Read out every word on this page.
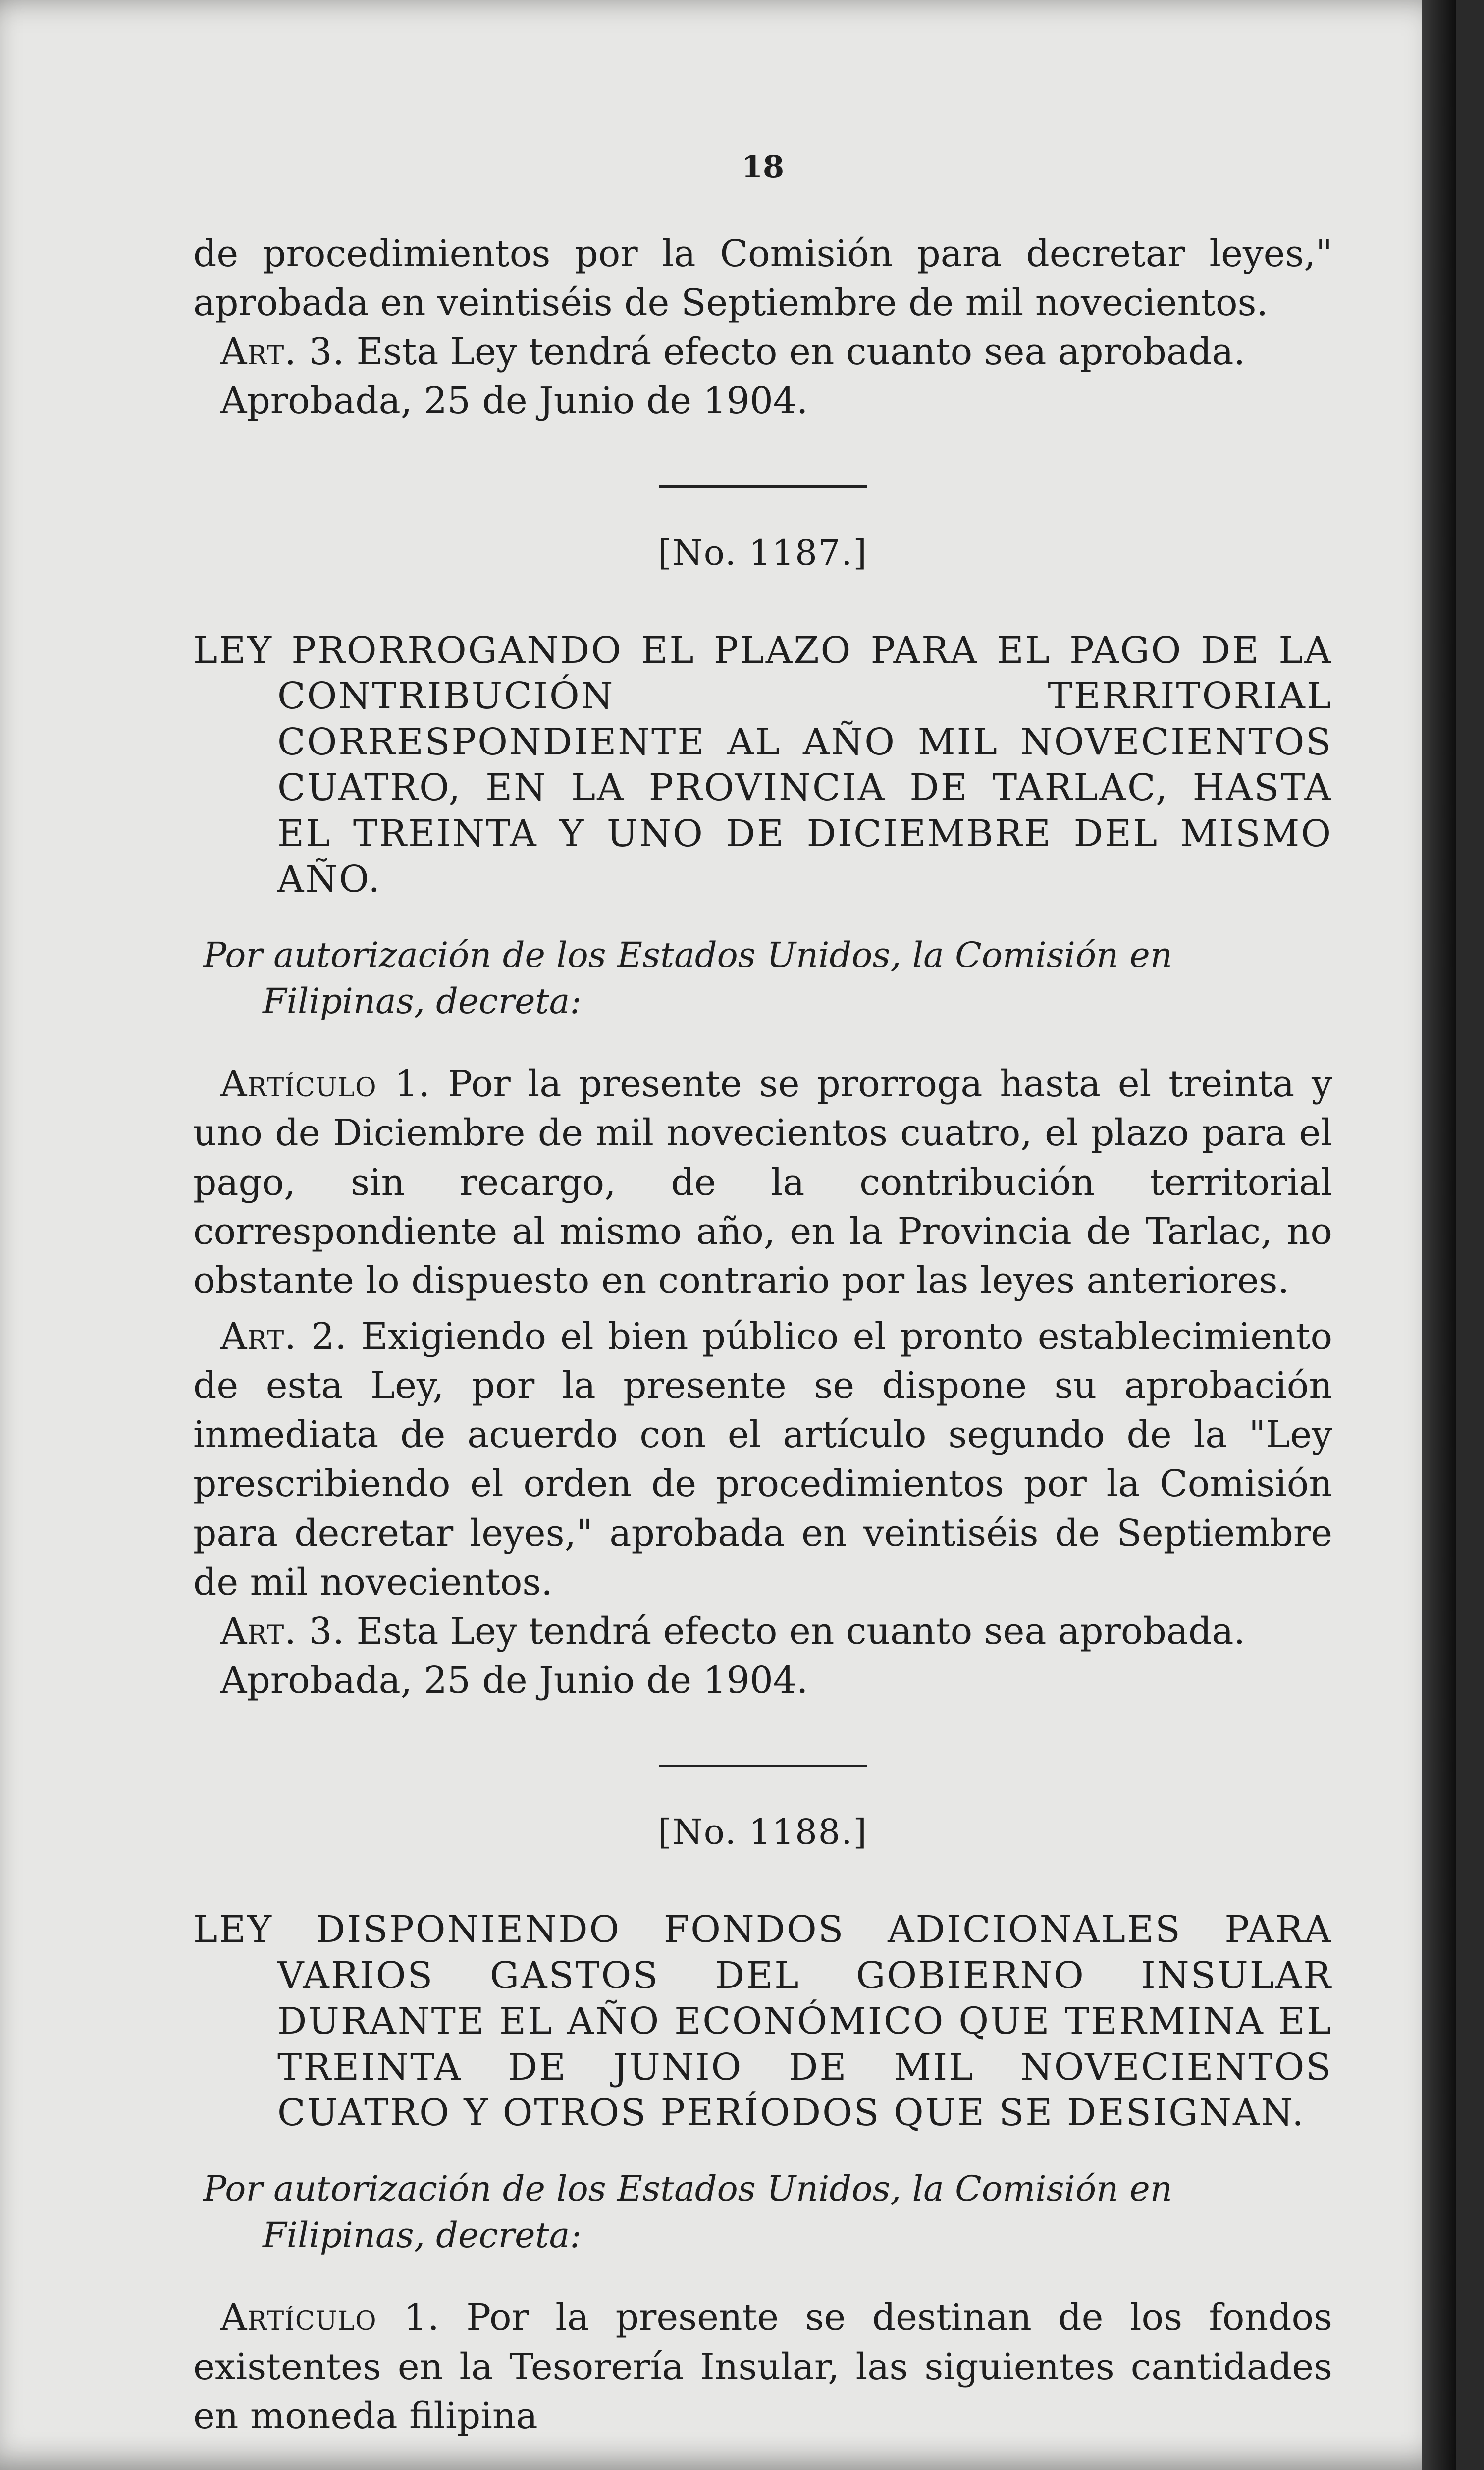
18

de procedimientos por la Comisión para decretar leyes," aprobada en veintiséis de Septiembre de mil novecientos.

Art. 3. Esta Ley tendrá efecto en cuanto sea aprobada.

Aprobada, 25 de Junio de 1904.

[No. 1187.]
LEY PRORROGANDO EL PLAZO PARA EL PAGO DE LA CONTRIBUCIÓN TERRITORIAL CORRESPONDIENTE AL AÑO MIL NOVECIENTOS CUATRO, EN LA PROVINCIA DE TARLAC, HASTA EL TREINTA Y UNO DE DICIEMBRE DEL MISMO AÑO.

Por autorización de los Estados Unidos, la Comisión en Filipinas, decreta:

Artículo 1. Por la presente se prorroga hasta el treinta y uno de Diciembre de mil novecientos cuatro, el plazo para el pago, sin recargo, de la contribución territorial correspondiente al mismo año, en la Provincia de Tarlac, no obstante lo dispuesto en contrario por las leyes anteriores.

Art. 2. Exigiendo el bien público el pronto establecimiento de esta Ley, por la presente se dispone su aprobación inmediata de acuerdo con el artículo segundo de la "Ley prescribiendo el orden de procedimientos por la Comisión para decretar leyes," aprobada en veintiséis de Septiembre de mil novecientos.

Art. 3. Esta Ley tendrá efecto en cuanto sea aprobada.

Aprobada, 25 de Junio de 1904.

[No. 1188.]
LEY DISPONIENDO FONDOS ADICIONALES PARA VARIOS GASTOS DEL GOBIERNO INSULAR DURANTE EL AÑO ECONÓMICO QUE TERMINA EL TREINTA DE JUNIO DE MIL NOVECIENTOS CUATRO Y OTROS PERÍODOS QUE SE DESIGNAN.

Por autorización de los Estados Unidos, la Comisión en Filipinas, decreta:

Artículo 1. Por la presente se destinan de los fondos existentes en la Tesorería Insular, las siguientes cantidades en moneda filipina
